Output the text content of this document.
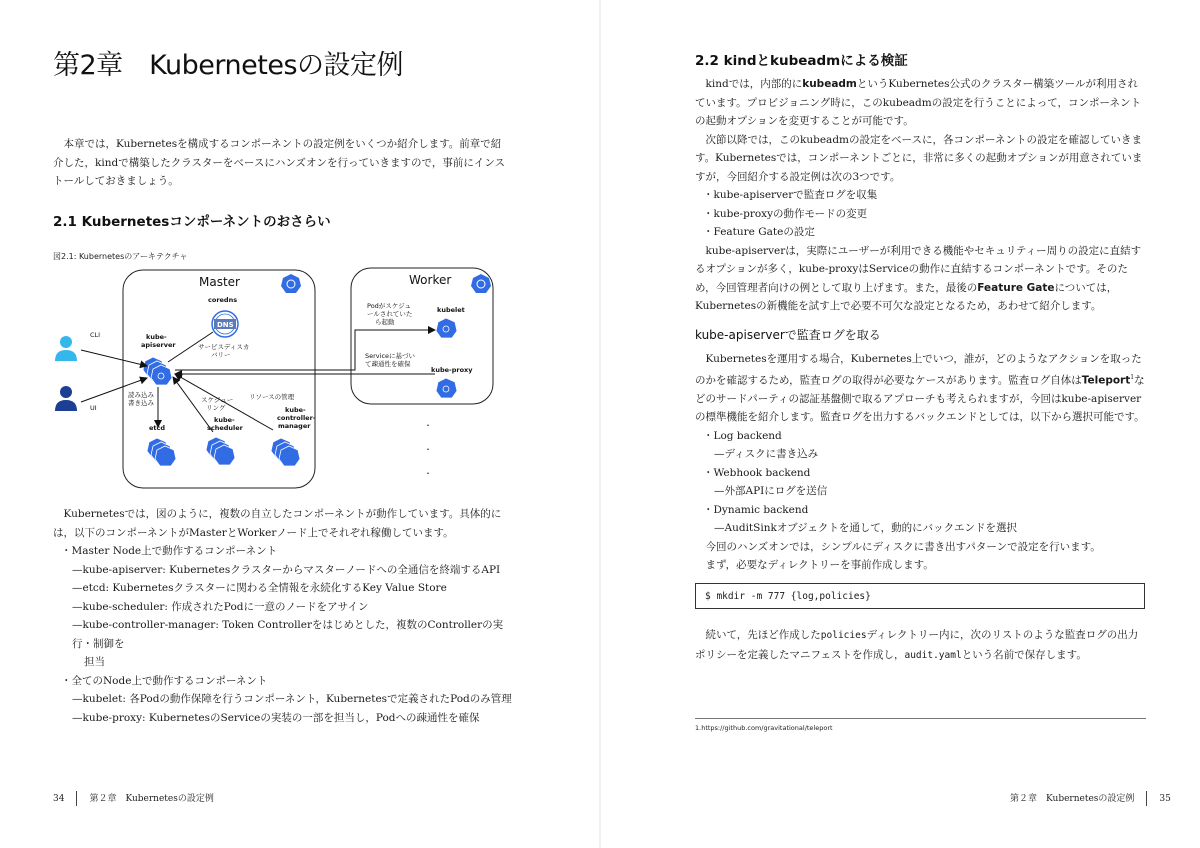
第2章　Kubernetesの設定例

本章では，Kubernetesを構成するコンポーネントの設定例をいくつか紹介します。前章で紹介した，kindで構築したクラスターをベースにハンズオンを行っていきますので，事前にインストールしておきましょう。

2.1 Kubernetesコンポーネントのおさらい
図2.1: Kubernetesのアーキテクチャ
Master	Worker
coredns
DNS
サービスディスカ
バリー
kube-
apiserver
CLI
UI
読み込み
書き込み
etcd
スケジュー
リング
kube-
scheduler
リソースの管理
kube-
controller-
manager
Podがスケジュ
ールされていた
ら起動
kubelet
Serviceに基づい
て疎通性を確保
kube-proxy
・
・
・

Kubernetesでは，図のように，複数の自立したコンポーネントが動作しています。具体的には，以下のコンポーネントがMasterとWorkerノード上でそれぞれ稼働しています。

・Master Node上で動作するコンポーネント
—kube-apiserver: Kubernetesクラスターからマスターノードへの全通信を終端するAPI
—etcd: Kubernetesクラスターに関わる全情報を永続化するKey Value Store
—kube-scheduler: 作成されたPodに一意のノードをアサイン
—kube-controller-manager: Token Controllerをはじめとした，複数のControllerの実行・制御を
担当
・全てのNode上で動作するコンポーネント
—kubelet: 各Podの動作保障を行うコンポーネント，Kubernetesで定義されたPodのみ管理
—kube-proxy: KubernetesのServiceの実装の一部を担当し，Podへの疎通性を確保
34	第２章　Kubernetesの設定例
2.2 kindとkubeadmによる検証

kindでは，内部的にkubeadmというKubernetes公式のクラスター構築ツールが利用されています。プロビジョニング時に，このkubeadmの設定を行うことによって，コンポーネントの起動オプションを変更することが可能です。

次節以降では，このkubeadmの設定をベースに，各コンポーネントの設定を確認していきます。Kubernetesでは，コンポーネントごとに，非常に多くの起動オプションが用意されていますが，今回紹介する設定例は次の3つです。

・kube-apiserverで監査ログを収集
・kube-proxyの動作モードの変更
・Feature Gateの設定

kube-apiserverは，実際にユーザーが利用できる機能やセキュリティー周りの設定に直結するオプションが多く，kube-proxyはServiceの動作に直結するコンポーネントです。そのため，今回管理者向けの例として取り上げます。また，最後のFeature Gateについては，Kubernetesの新機能を試す上で必要不可欠な設定となるため，あわせて紹介します。

kube-apiserverで監査ログを取る

Kubernetesを運用する場合，Kubernetes上でいつ，誰が，どのようなアクションを取ったのかを確認するため，監査ログの取得が必要なケースがあります。監査ログ自体はTeleport$^1$などのサードパーティの認証基盤側で取るアプローチも考えられますが，今回はkube-apiserverの標準機能を紹介します。監査ログを出力するバックエンドとしては，以下から選択可能です。

・Log backend
—ディスクに書き込み
・Webhook backend
—外部APIにログを送信
・Dynamic backend
—AuditSinkオブジェクトを通して，動的にバックエンドを選択

今回のハンズオンでは，シンプルにディスクに書き出すパターンで設定を行います。

まず，必要なディレクトリーを事前作成します。

$ mkdir -m 777 {log,policies}

続いて，先ほど作成したpoliciesディレクトリー内に，次のリストのような監査ログの出力ポリシーを定義したマニフェストを作成し，audit.yamlという名前で保存します。

1.https://github.com/gravitational/teleport
第２章　Kubernetesの設定例	35
